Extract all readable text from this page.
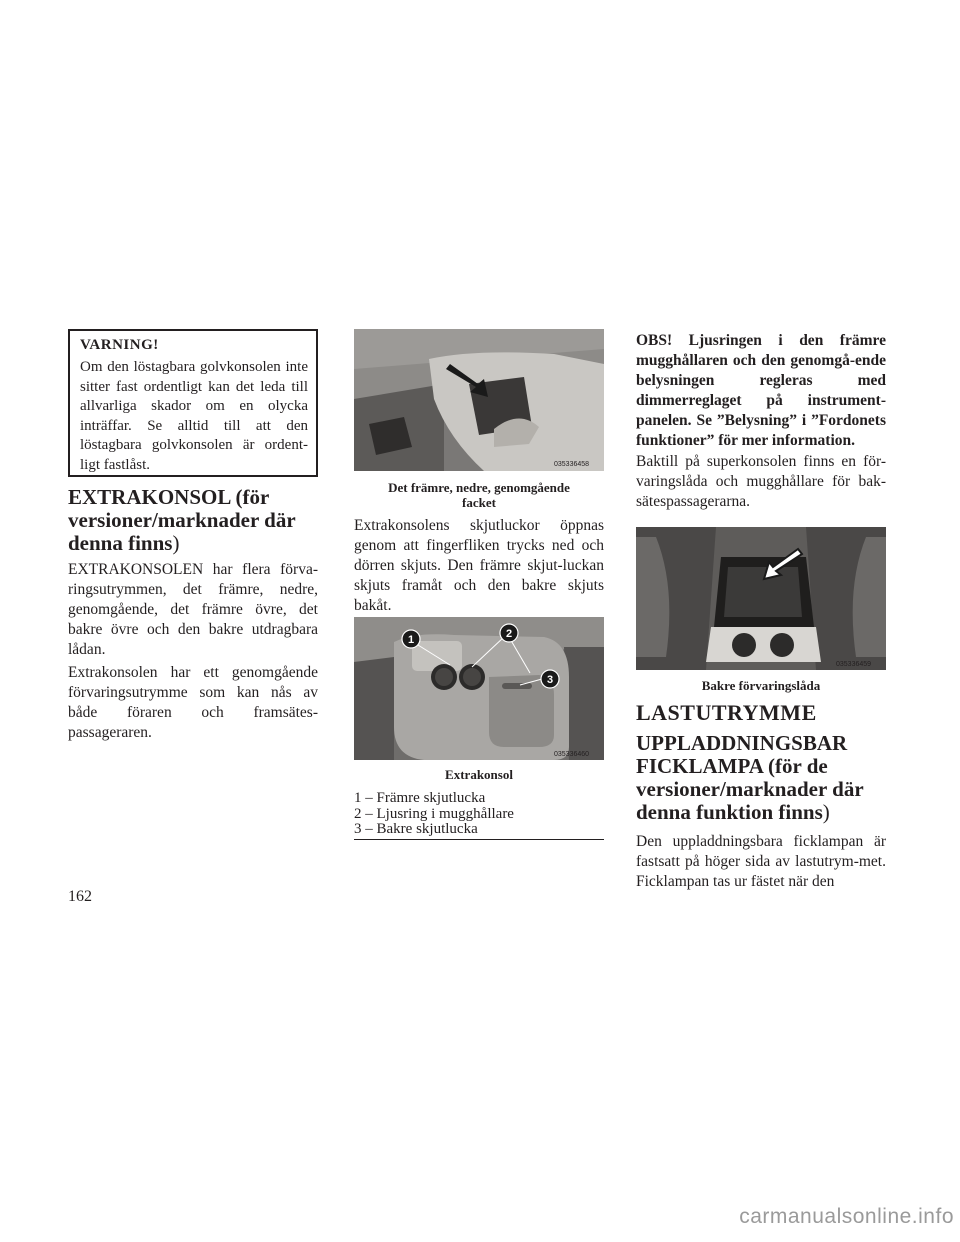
VARNING!

Om den löstagbara golvkonsolen inte sitter fast ordentligt kan det leda till allvarliga skador om en olycka inträffar. Se alltid till att den löstagbara golvkonsolen är ordent-ligt fastlåst.

EXTRAKONSOL (för versioner/marknader där denna finns)

EXTRAKONSOLEN har flera förva-ringsutrymmen, det främre, nedre, genomgående, det främre övre, det bakre övre och den bakre utdragbara lådan.

Extrakonsolen har ett genomgående förvaringsutrymme som kan nås av både föraren och framsätes-passageraren.

035336458
Det främre, nedre, genomgående
facket

Extrakonsolens skjutluckor öppnas genom att fingerfliken trycks ned och dörren skjuts. Den främre skjut-luckan skjuts framåt och den bakre skjuts bakåt.

1	2
3
035336460
Extrakonsol
1 – Främre skjutlucka
2 – Ljusring i mugghållare
3 – Bakre skjutlucka

OBS! Ljusringen i den främre mugghållaren och den genomgå-ende belysningen regleras med dimmerreglaget på instrument-panelen. Se ”Belysning” i ”Fordonets funktioner” för mer information.

Baktill på superkonsolen finns en för-varingslåda och mugghållare för bak-sätespassagerarna.

035336459
Bakre förvaringslåda

LASTUTRYMME

UPPLADDNINGSBAR FICKLAMPA (för de versioner/marknader där denna funktion finns)

Den uppladdningsbara ficklampan är fastsatt på höger sida av lastutrym-met. Ficklampan tas ur fästet när den

162
carmanualsonline.info
